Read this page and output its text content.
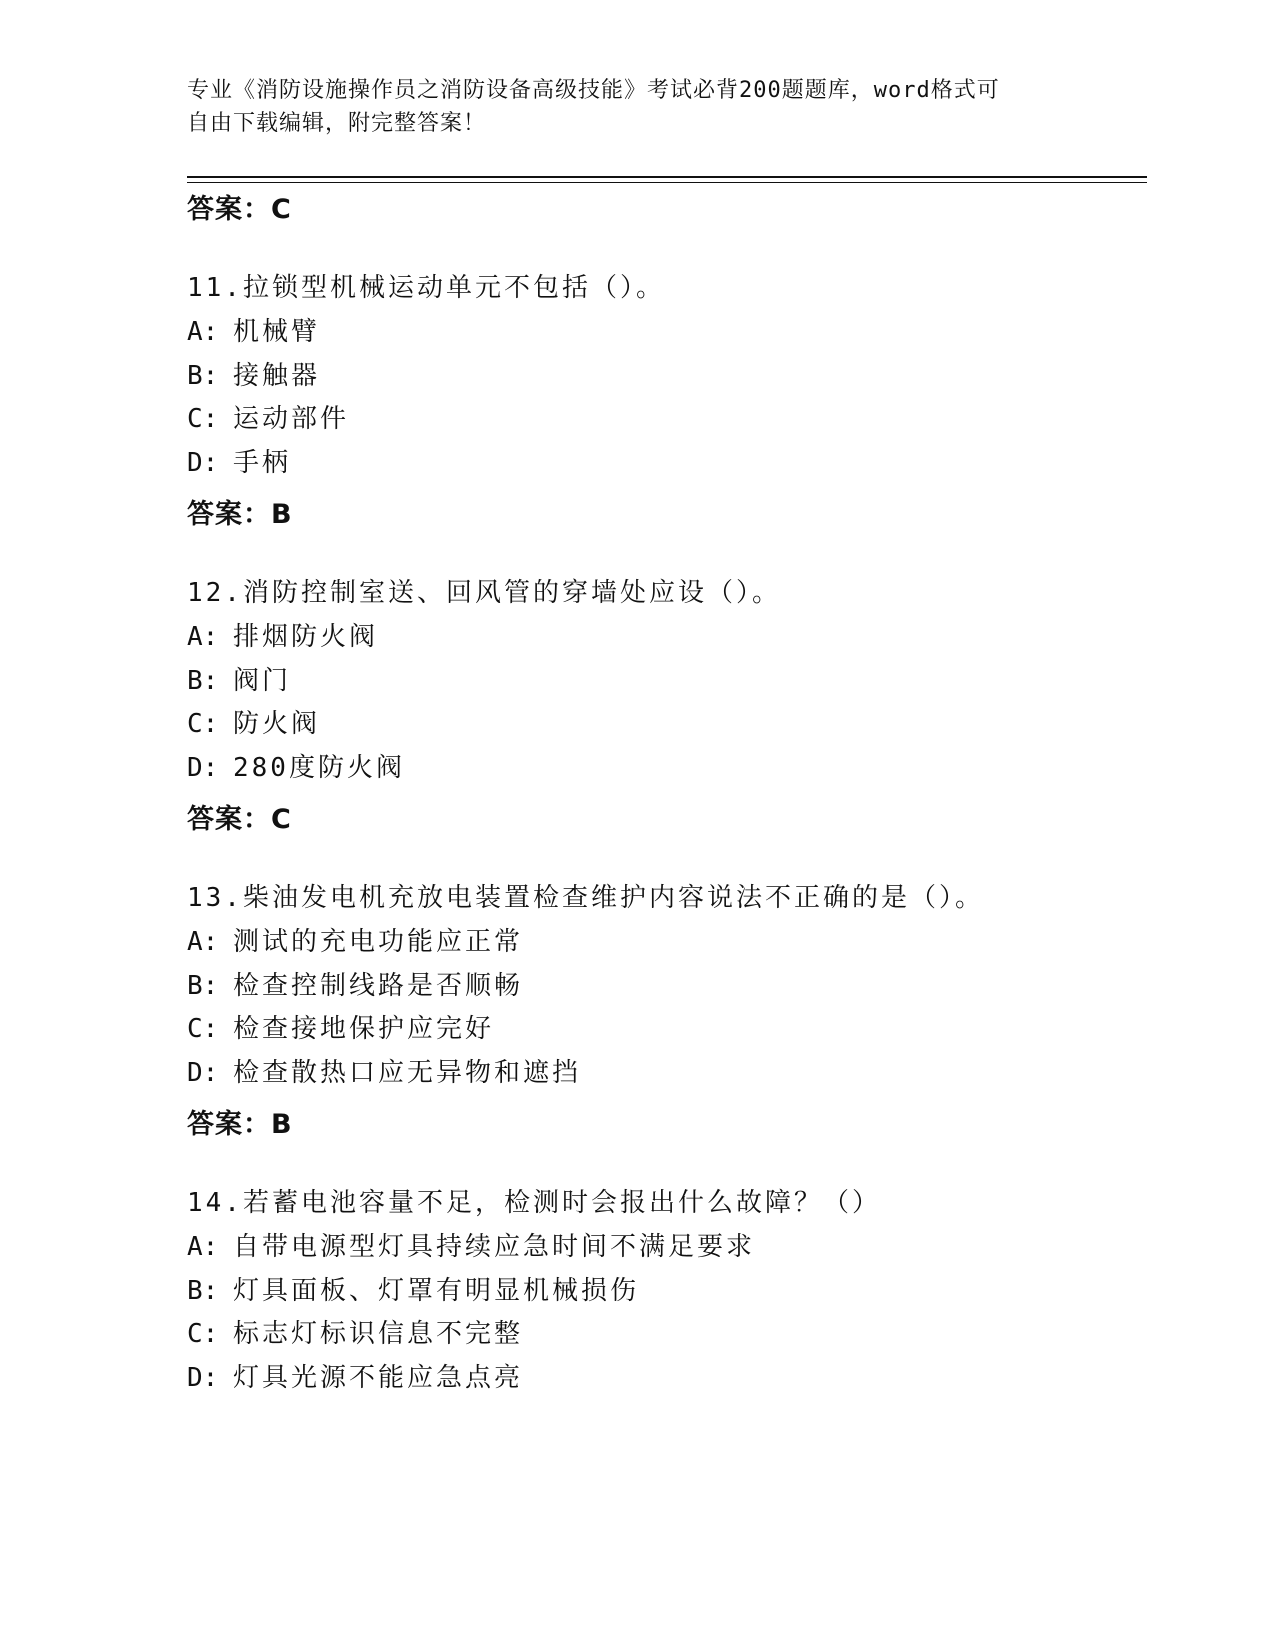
专业《消防设施操作员之消防设备高级技能》考试必背200题题库，word格式可
自由下载编辑，附完整答案！
答案：C
11.拉锁型机械运动单元不包括（）。
A: 机械臂
B: 接触器
C: 运动部件
D: 手柄
答案：B
12.消防控制室送、回风管的穿墙处应设（）。
A: 排烟防火阀
B: 阀门
C: 防火阀
D: 280度防火阀
答案：C
13.柴油发电机充放电装置检查维护内容说法不正确的是（）。
A: 测试的充电功能应正常
B: 检查控制线路是否顺畅
C: 检查接地保护应完好
D: 检查散热口应无异物和遮挡
答案：B
14.若蓄电池容量不足，检测时会报出什么故障？（）
A: 自带电源型灯具持续应急时间不满足要求
B: 灯具面板、灯罩有明显机械损伤
C: 标志灯标识信息不完整
D: 灯具光源不能应急点亮
